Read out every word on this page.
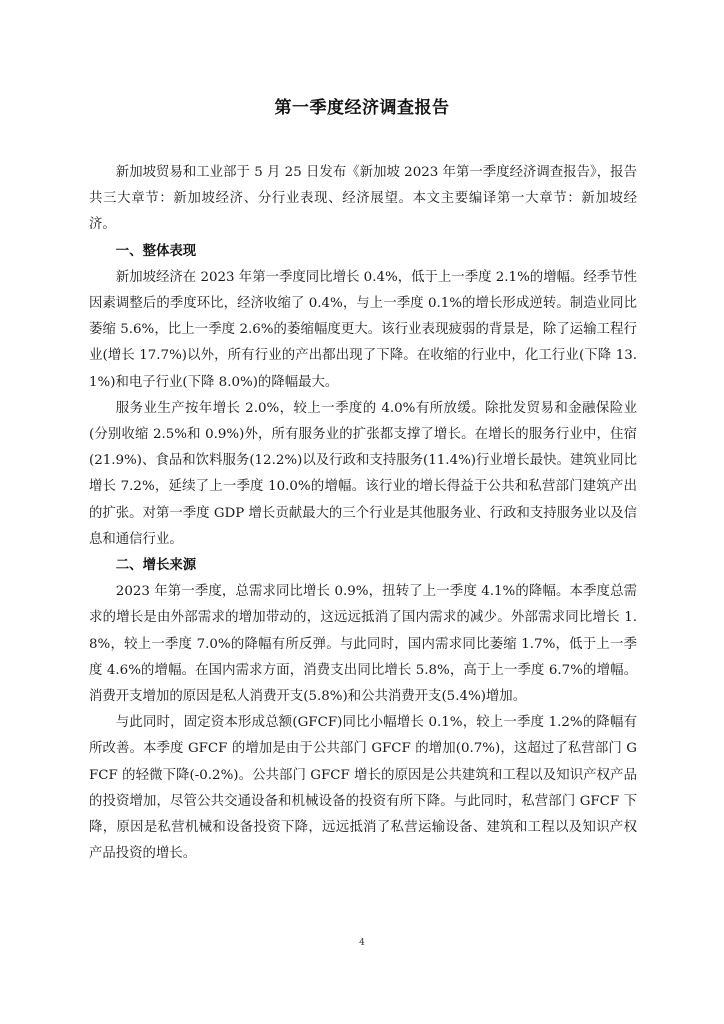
第一季度经济调查报告

新加坡贸易和工业部于 5 月 25 日发布《新加坡 2023 年第一季度经济调查报告》，报告共三大章节：新加坡经济、分行业表现、经济展望。本文主要编译第一大章节：新加坡经济。

一、整体表现

新加坡经济在 2023 年第一季度同比增长 0.4%，低于上一季度 2.1%的增幅。经季节性因素调整后的季度环比，经济收缩了 0.4%，与上一季度 0.1%的增长形成逆转。制造业同比萎缩 5.6%，比上一季度 2.6%的萎缩幅度更大。该行业表现疲弱的背景是，除了运输工程行业(增长 17.7%)以外，所有行业的产出都出现了下降。在收缩的行业中，化工行业(下降 13.1%)和电子行业(下降 8.0%)的降幅最大。

服务业生产按年增长 2.0%，较上一季度的 4.0%有所放缓。除批发贸易和金融保险业(分别收缩 2.5%和 0.9%)外，所有服务业的扩张都支撑了增长。在增长的服务行业中，住宿(21.9%)、食品和饮料服务(12.2%)以及行政和支持服务(11.4%)行业增长最快。建筑业同比增长 7.2%，延续了上一季度 10.0%的增幅。该行业的增长得益于公共和私营部门建筑产出的扩张。对第一季度 GDP 增长贡献最大的三个行业是其他服务业、行政和支持服务业以及信息和通信行业。

二、增长来源

2023 年第一季度，总需求同比增长 0.9%，扭转了上一季度 4.1%的降幅。本季度总需求的增长是由外部需求的增加带动的，这远远抵消了国内需求的减少。外部需求同比增长 1.8%，较上一季度 7.0%的降幅有所反弹。与此同时，国内需求同比萎缩 1.7%，低于上一季度 4.6%的增幅。在国内需求方面，消费支出同比增长 5.8%，高于上一季度 6.7%的增幅。消费开支增加的原因是私人消费开支(5.8%)和公共消费开支(5.4%)增加。

与此同时，固定资本形成总额(GFCF)同比小幅增长 0.1%，较上一季度 1.2%的降幅有所改善。本季度 GFCF 的增加是由于公共部门 GFCF 的增加(0.7%)，这超过了私营部门 GFCF 的轻微下降(-0.2%)。公共部门 GFCF 增长的原因是公共建筑和工程以及知识产权产品的投资增加，尽管公共交通设备和机械设备的投资有所下降。与此同时，私营部门 GFCF 下降，原因是私营机械和设备投资下降，远远抵消了私营运输设备、建筑和工程以及知识产权产品投资的增长。

4
